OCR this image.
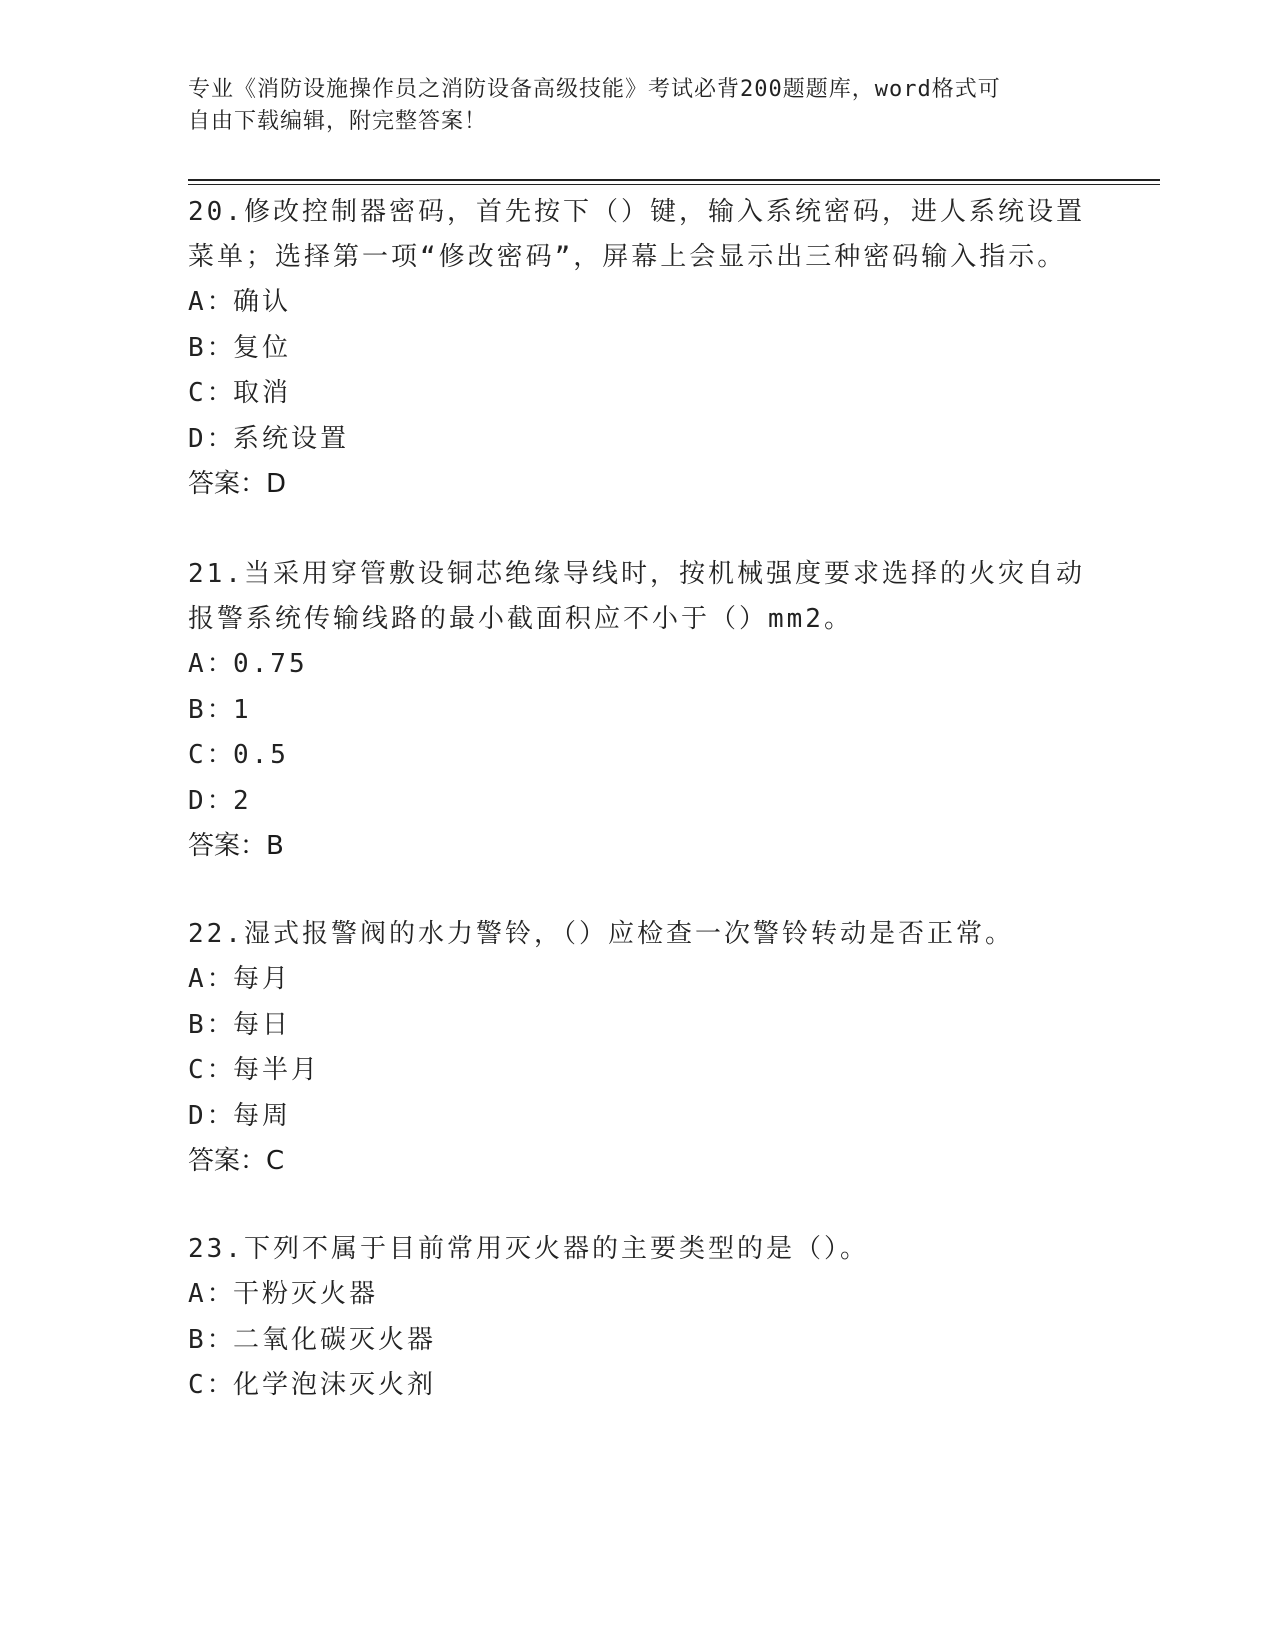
专业《消防设施操作员之消防设备高级技能》考试必背200题题库，word格式可
自由下载编辑，附完整答案！
20.修改控制器密码，首先按下（）键，输入系统密码，进人系统设置菜单；选择第一项“修改密码”，屏幕上会显示出三种密码输入指示。
A：确认
B：复位
C：取消
D：系统设置
答案：D
21.当采用穿管敷设铜芯绝缘导线时，按机械强度要求选择的火灾自动报警系统传输线路的最小截面积应不小于（）mm2。
A：0.75
B：1
C：0.5
D：2
答案：B
22.湿式报警阀的水力警铃，（）应检查一次警铃转动是否正常。
A：每月
B：每日
C：每半月
D：每周
答案：C
23.下列不属于目前常用灭火器的主要类型的是（）。
A：干粉灭火器
B：二氧化碳灭火器
C：化学泡沫灭火剂
